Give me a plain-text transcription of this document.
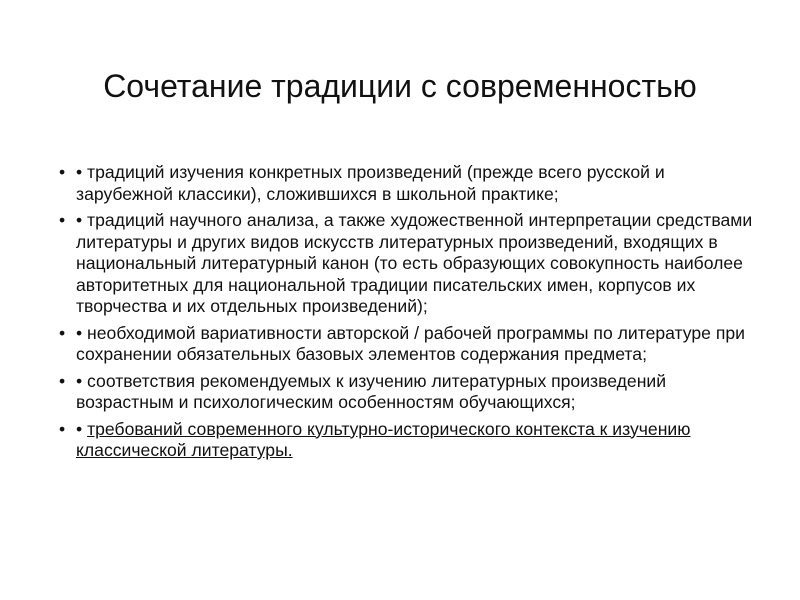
Сочетание традиции с современностью
• • традиций изучения конкретных произведений (прежде всего русской и зарубежной классики), сложившихся в школьной практике;
• • традиций научного анализа, а также художественной интерпретации средствами литературы и других видов искусств литературных произведений, входящих в национальный литературный канон (то есть образующих совокупность наиболее авторитетных для национальной традиции писательских имен, корпусов их творчества и их отдельных произведений);
• • необходимой вариативности авторской / рабочей программы по литературе при сохранении обязательных базовых элементов содержания предмета;
• • соответствия рекомендуемых к изучению литературных произведений возрастным и психологическим особенностям обучающихся;
• • требований современного культурно-исторического контекста к изучению классической литературы.
